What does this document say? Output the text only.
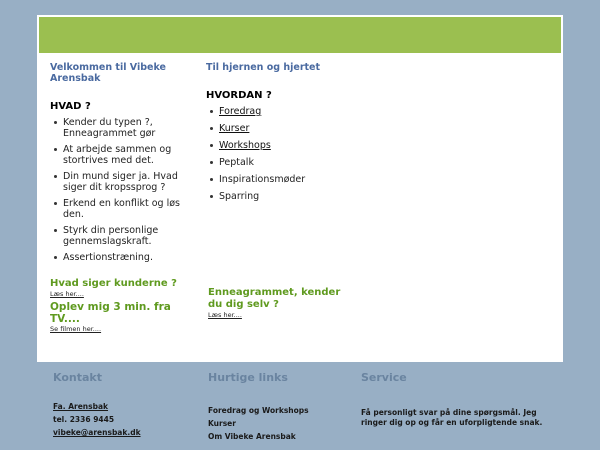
Velkommen til Vibeke Arensbak

HVAD ?

Kender du typen ?, Enneagrammet gør
At arbejde sammen og stortrives med det.
Din mund siger ja. Hvad siger dit kropssprog ?
Erkend en konflikt og løs den.
Styrk din personlige gennemslagskraft.
Assertionstræning.

Hvad siger kunderne ?

Læs her....

Oplev mig 3 min. fra TV....

Se filmen her....

Til hjernen og hjertet

HVORDAN ?

Foredrag
Kurser
Workshops
Peptalk
Inspirationsmøder
Sparring

Enneagrammet, kender du dig selv ?

Læs her....
Kontakt	Hurtige links	Service
Fa. Arensbak
tel. 2336 9445
vibeke@arensbak.dk
Foredrag og Workshops
Kurser
Om Vibeke Arensbak
Få personligt svar på dine spørgsmål. Jeg ringer dig op og får en uforpligtende snak.
